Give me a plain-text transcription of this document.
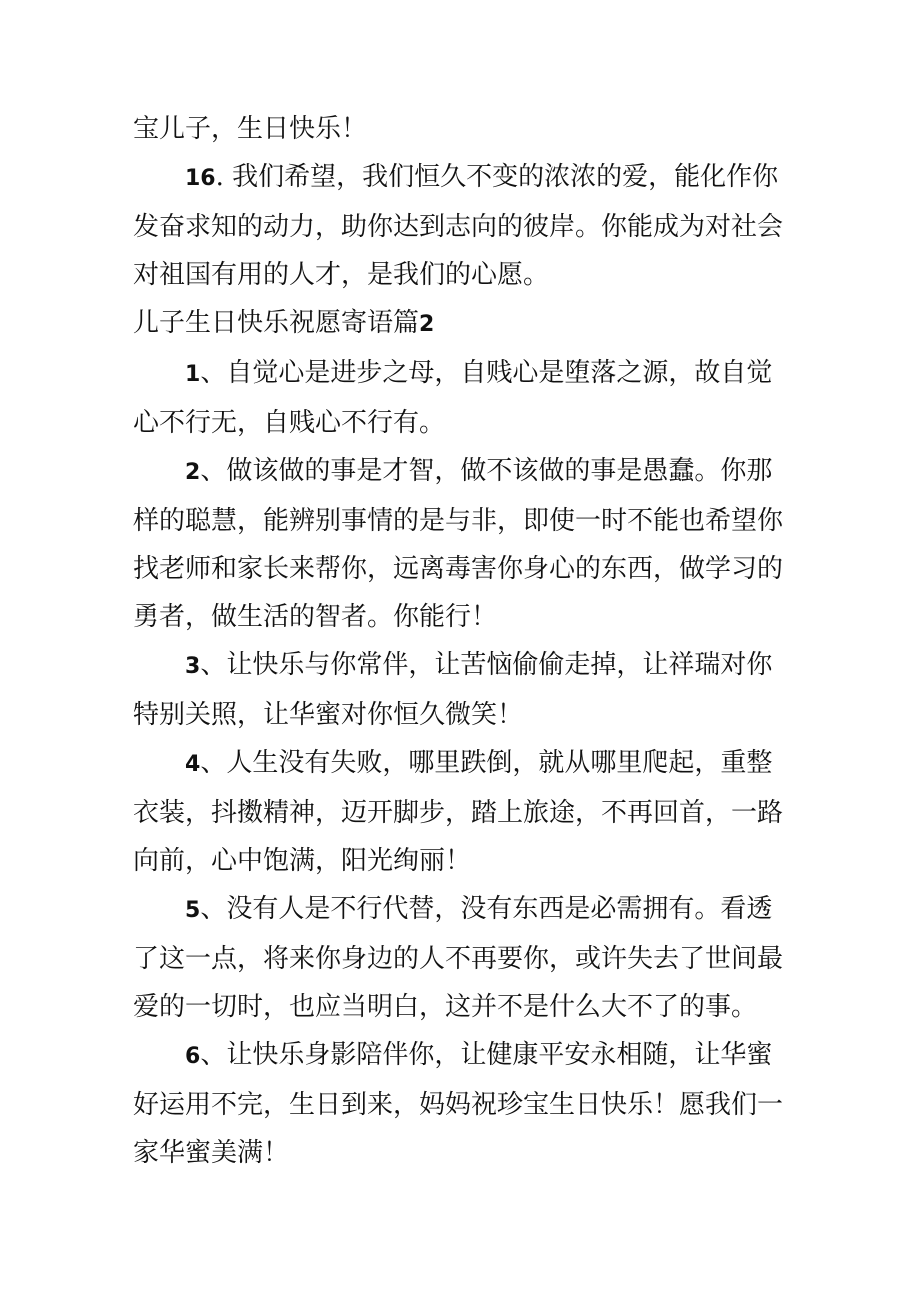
宝儿子，生日快乐！

16. 我们希望，我们恒久不变的浓浓的爱，能化作你发奋求知的动力，助你达到志向的彼岸。你能成为对社会对祖国有用的人才，是我们的心愿。

儿子生日快乐祝愿寄语篇2

1、自觉心是进步之母，自贱心是堕落之源，故自觉心不行无，自贱心不行有。

2、做该做的事是才智，做不该做的事是愚蠢。你那样的聪慧，能辨别事情的是与非，即使一时不能也希望你找老师和家长来帮你，远离毒害你身心的东西，做学习的勇者，做生活的智者。你能行！

3、让快乐与你常伴，让苦恼偷偷走掉，让祥瑞对你特别关照，让华蜜对你恒久微笑！

4、人生没有失败，哪里跌倒，就从哪里爬起，重整衣装，抖擞精神，迈开脚步，踏上旅途，不再回首，一路向前，心中饱满，阳光绚丽！

5、没有人是不行代替，没有东西是必需拥有。看透了这一点，将来你身边的人不再要你，或许失去了世间最爱的一切时，也应当明白，这并不是什么大不了的事。

6、让快乐身影陪伴你，让健康平安永相随，让华蜜好运用不完，生日到来，妈妈祝珍宝生日快乐！愿我们一家华蜜美满！
